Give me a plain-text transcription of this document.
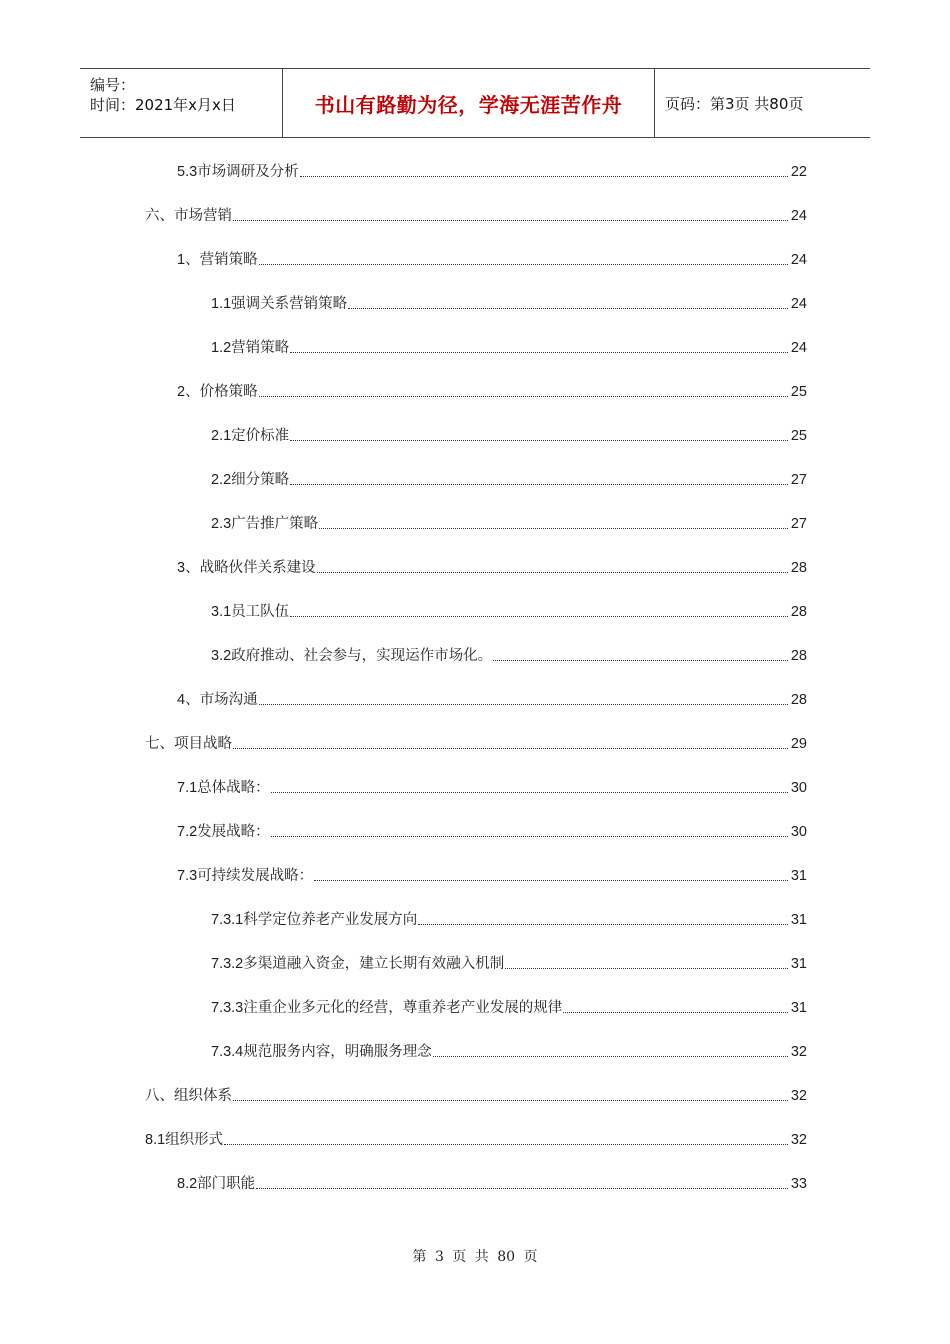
编号：
时间：2021年x月x日	书山有路勤为径，学海无涯苦作舟	页码：第3页 共80页
5.3 市场调研及分析	22
六、市场营销	24
1 、营销策略	24
1.1 强调关系营销策略	24
1.2 营销策略	24
2 、价格策略	25
2.1 定价标准	25
2.2 细分策略	27
2.3 广告推广策略	27
3 、战略伙伴关系建设	28
3.1 员工队伍	28
3.2 政府推动、社会参与，实现运作市场化。	28
4 、市场沟通	28
七、项目战略	29
7.1 总体战略：	30
7.2 发展战略：	30
7.3 可持续发展战略：	31
7.3.1 科学定位养老产业发展方向	31
7.3.2 多渠道融入资金，建立长期有效融入机制	31
7.3.3 注重企业多元化的经营，尊重养老产业发展的规律	31
7.3.4 规范服务内容，明确服务理念	32
八、组织体系	32
8.1 组织形式	32
8.2 部门职能	33
第 3 页 共 80 页
